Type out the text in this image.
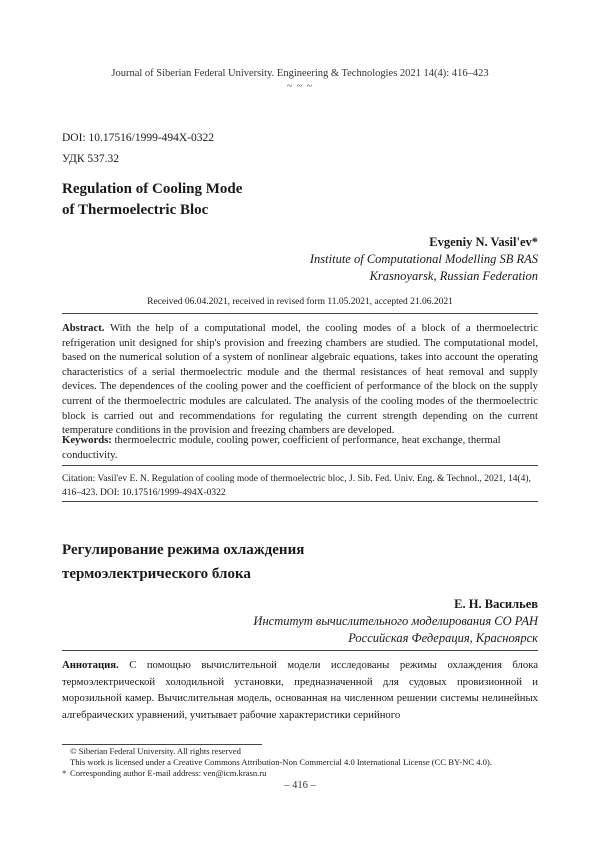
Journal of Siberian Federal University. Engineering & Technologies 2021 14(4): 416–423
~ ~ ~
DOI: 10.17516/1999-494X-0322
УДК 537.32
Regulation of Cooling Mode
of Thermoelectric Bloc
Evgeniy N. Vasil'ev*
Institute of Computational Modelling SB RAS
Krasnoyarsk, Russian Federation
Received 06.04.2021, received in revised form 11.05.2021, accepted 21.06.2021
Abstract. With the help of a computational model, the cooling modes of a block of a thermoelectric refrigeration unit designed for ship's provision and freezing chambers are studied. The computational model, based on the numerical solution of a system of nonlinear algebraic equations, takes into account the operating characteristics of a serial thermoelectric module and the thermal resistances of heat removal and supply devices. The dependences of the cooling power and the coefficient of performance of the block on the supply current of the thermoelectric modules are calculated. The analysis of the cooling modes of the thermoelectric block is carried out and recommendations for regulating the current strength depending on the current temperature conditions in the provision and freezing chambers are developed.
Keywords: thermoelectric module, cooling power, coefficient of performance, heat exchange, thermal conductivity.
Citation: Vasil'ev E. N. Regulation of cooling mode of thermoelectric bloc, J. Sib. Fed. Univ. Eng. & Technol., 2021, 14(4), 416–423. DOI: 10.17516/1999-494X-0322
Регулирование режима охлаждения
термоэлектрического блока
Е. Н. Васильев
Институт вычислительного моделирования СО РАН
Российская Федерация, Красноярск
Аннотация. С помощью вычислительной модели исследованы режимы охлаждения блока термоэлектрической холодильной установки, предназначенной для судовых провизионной и морозильной камер. Вычислительная модель, основанная на численном решении системы нелинейных алгебраических уравнений, учитывает рабочие характеристики серийного
© Siberian Federal University. All rights reserved
This work is licensed under a Creative Commons Attribution-Non Commercial 4.0 International License (CC BY-NC 4.0).
* Corresponding author E-mail address: ven@icm.krasn.ru
– 416 –
